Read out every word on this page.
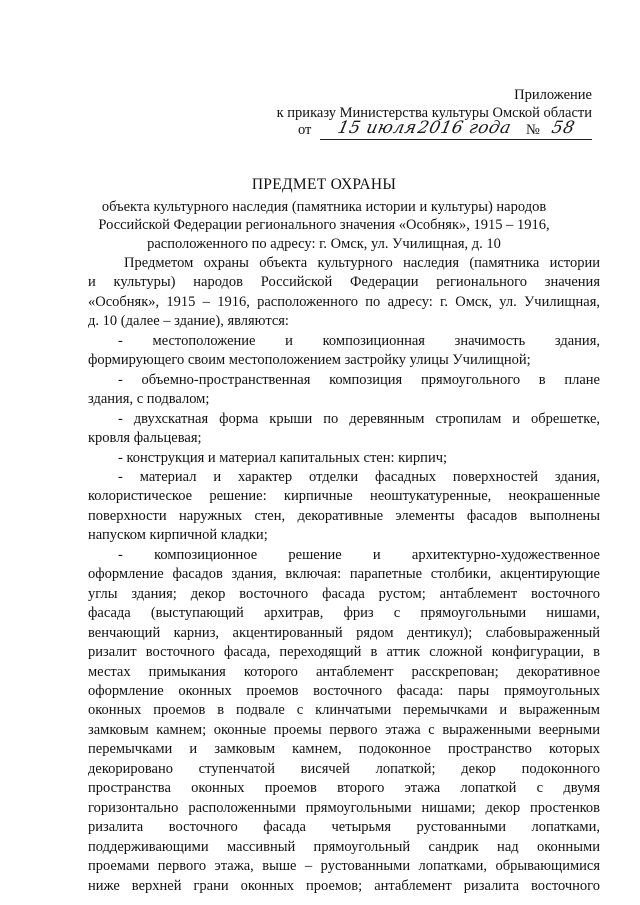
Приложение
к приказу Министерства культуры Омской области
от 15 июля
2016 года № 58
ПРЕДМЕТ ОХРАНЫ
объекта культурного наследия (памятника истории и культуры) народов
Российской Федерации регионального значения «Особняк», 1915 – 1916,
расположенного по адресу: г. Омск, ул. Училищная, д. 10

Предметом охраны объекта культурного наследия (памятника истории

и культуры) народов Российской Федерации регионального значения

«Особняк», 1915 – 1916, расположенного по адресу: г. Омск, ул. Училищная,

д. 10 (далее – здание), являются:

- местоположение и композиционная значимость здания,

формирующего своим местоположением застройку улицы Училищной;

- объемно-пространственная композиция прямоугольного в плане

здания, с подвалом;

- двухскатная форма крыши по деревянным стропилам и обрешетке,

кровля фальцевая;

- конструкция и материал капитальных стен: кирпич;

- материал и характер отделки фасадных поверхностей здания,

колористическое решение: кирпичные неоштукатуренные, неокрашенные

поверхности наружных стен, декоративные элементы фасадов выполнены

напуском кирпичной кладки;

- композиционное решение и архитектурно-художественное

оформление фасадов здания, включая: парапетные столбики, акцентирующие

углы здания; декор восточного фасада рустом; антаблемент восточного

фасада (выступающий архитрав, фриз с прямоугольными нишами,

венчающий карниз, акцентированный рядом дентикул); слабовыраженный

ризалит восточного фасада, переходящий в аттик сложной конфигурации, в

местах примыкания которого антаблемент расскрепован; декоративное

оформление оконных проемов восточного фасада: пары прямоугольных

оконных проемов в подвале с клинчатыми перемычками и выраженным

замковым камнем; оконные проемы первого этажа с выраженными веерными

перемычками и замковым камнем, подоконное пространство которых

декорировано ступенчатой висячей лопаткой; декор подоконного

пространства оконных проемов второго этажа лопаткой с двумя

горизонтально расположенными прямоугольными нишами; декор простенков

ризалита восточного фасада четырьмя рустованными лопатками,

поддерживающими массивный прямоугольный сандрик над оконными

проемами первого этажа, выше – рустованными лопатками, обрывающимися

ниже верхней грани оконных проемов; антаблемент ризалита восточного
